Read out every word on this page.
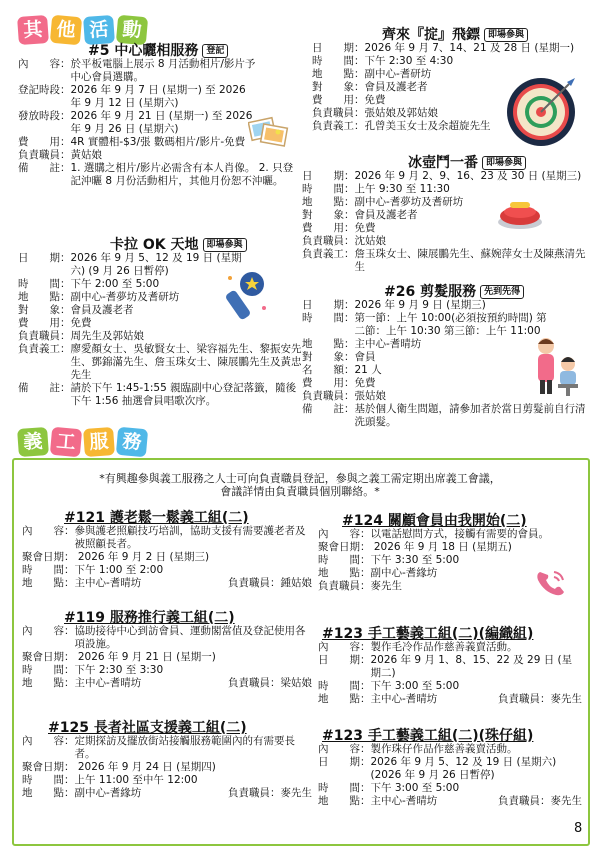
其 他 活 動
#5 中心曬相服務 登記
內　　容： 於平板電腦上展示 8 月活動相片/影片予中心會員選購。
登記時段： 2026 年 9 月 7 日 (星期一) 至 2026 年 9 月 12 日 (星期六)
發放時段： 2026 年 9 月 21 日 (星期一) 至 2026 年 9 月 26 日 (星期六)
費　　用： 4R 實體相-$3/張 數碼相片/影片-免費
負責職員： 黃姑娘
備　　註： 1. 選購之相片/影片必需含有本人肖像。 2. 只登記沖曬 8 月份活動相片，其他月份恕不沖曬。
卡拉 OK 天地 即場參與
日　　期： 2026 年 9 月 5、12 及 19 日 (星期六) (9 月 26 日暫停)
時　　間： 下午 2:00 至 5:00
地　　點： 副中心-耆夢坊及耆研坊
對　　象： 會員及護老者
費　　用： 免費
負責職員： 周先生及郭姑娘
負責義工： 廖愛顏女士、吳敏賢女士、梁容福先生、黎振安先生、鄧錦滿先生、詹玉珠女士、陳展鵬先生及黃忠先生
備　　註： 請於下午 1:45-1:55 親臨副中心登記落籤，隨後下午 1:56 抽選會員唱歌次序。
齊來『掟』飛鏢 即場參與
日　　期： 2026 年 9 月 7、14、21 及 28 日 (星期一)
時　　間： 下午 2:30 至 4:30
地　　點： 副中心-耆研坊
對　　象： 會員及護老者
費　　用： 免費
負責職員： 張姑娘及郭姑娘
負責義工： 孔曾美玉女士及余超旋先生
冰壺鬥一番 即場參與
日　　期： 2026 年 9 月 2、9、16、23 及 30 日 (星期三)
時　　間： 上午 9:30 至 11:30
地　　點： 副中心-耆夢坊及耆研坊
對　　象： 會員及護老者
費　　用： 免費
負責職員： 沈姑娘
負責義工： 詹玉珠女士、陳展鵬先生、蘇婉萍女士及陳燕清先生
#26 剪髮服務 先到先得
日　　期： 2026 年 9 月 9 日 (星期三)
時　　間： 第一節：上午 10:00(必須按預約時間) 第二節：上午 10:30 第三節：上午 11:00
地　　點： 主中心-耆晴坊
對　　象： 會員
名　　額： 21 人
費　　用： 免費
負責職員： 張姑娘
備　　註： 基於個人衛生問題，請參加者於當日剪髮前自行清洗頭髮。
義 工 服 務
*有興趣參與義工服務之人士可向負責職員登記，參與之義工需定期出席義工會議，
會議詳情由負責職員個別聯絡。*
#121 護老鬆一鬆義工組(二)
內　　容： 參與護老照顧技巧培訓，協助支援有需要護老者及被照顧長者。
聚會日期： 2026 年 9 月 2 日 (星期三)
時　　間：下午 1:00 至 2:00
地　　點：主中心-耆晴坊	負責職員：鍾姑娘
#119 服務推行義工組(二)
內　　容： 協助接待中心到訪會員、運動閣當值及登記使用各項設施。
聚會日期： 2026 年 9 月 21 日 (星期一)
時　　間：下午 2:30 至 3:30
地　　點：主中心-耆晴坊	負責職員：梁姑娘
#125 長者社區支援義工組(二)
內　　容： 定期探訪及擺放街站接觸服務範圍內的有需要長者。
聚會日期： 2026 年 9 月 24 日 (星期四)
時　　間：上午 11:00 至中午 12:00
地　　點：副中心-耆緣坊	負責職員：麥先生
#124 關顧會員由我開始(二)
內　　容： 以電話慰問方式，接觸有需要的會員。
聚會日期： 2026 年 9 月 18 日 (星期五)
時　　間：下午 3:30 至 5:00
地　　點：副中心-耆緣坊
負責職員：麥先生
#123 手工藝義工組(二)(編織組)
內　　容： 製作毛冷作品作慈善義賣活動。
日　　期： 2026 年 9 月 1、8、15、22 及 29 日 (星期二)
時　　間：下午 3:00 至 5:00
地　　點：主中心-耆晴坊	負責職員：麥先生
#123 手工藝義工組(二)(珠仔組)
內　　容： 製作珠仔作品作慈善義賣活動。
日　　期： 2026 年 9 月 5、12 及 19 日 (星期六) (2026 年 9 月 26 日暫停)
時　　間：下午 3:00 至 5:00
地　　點：主中心-耆晴坊	負責職員：麥先生
8
